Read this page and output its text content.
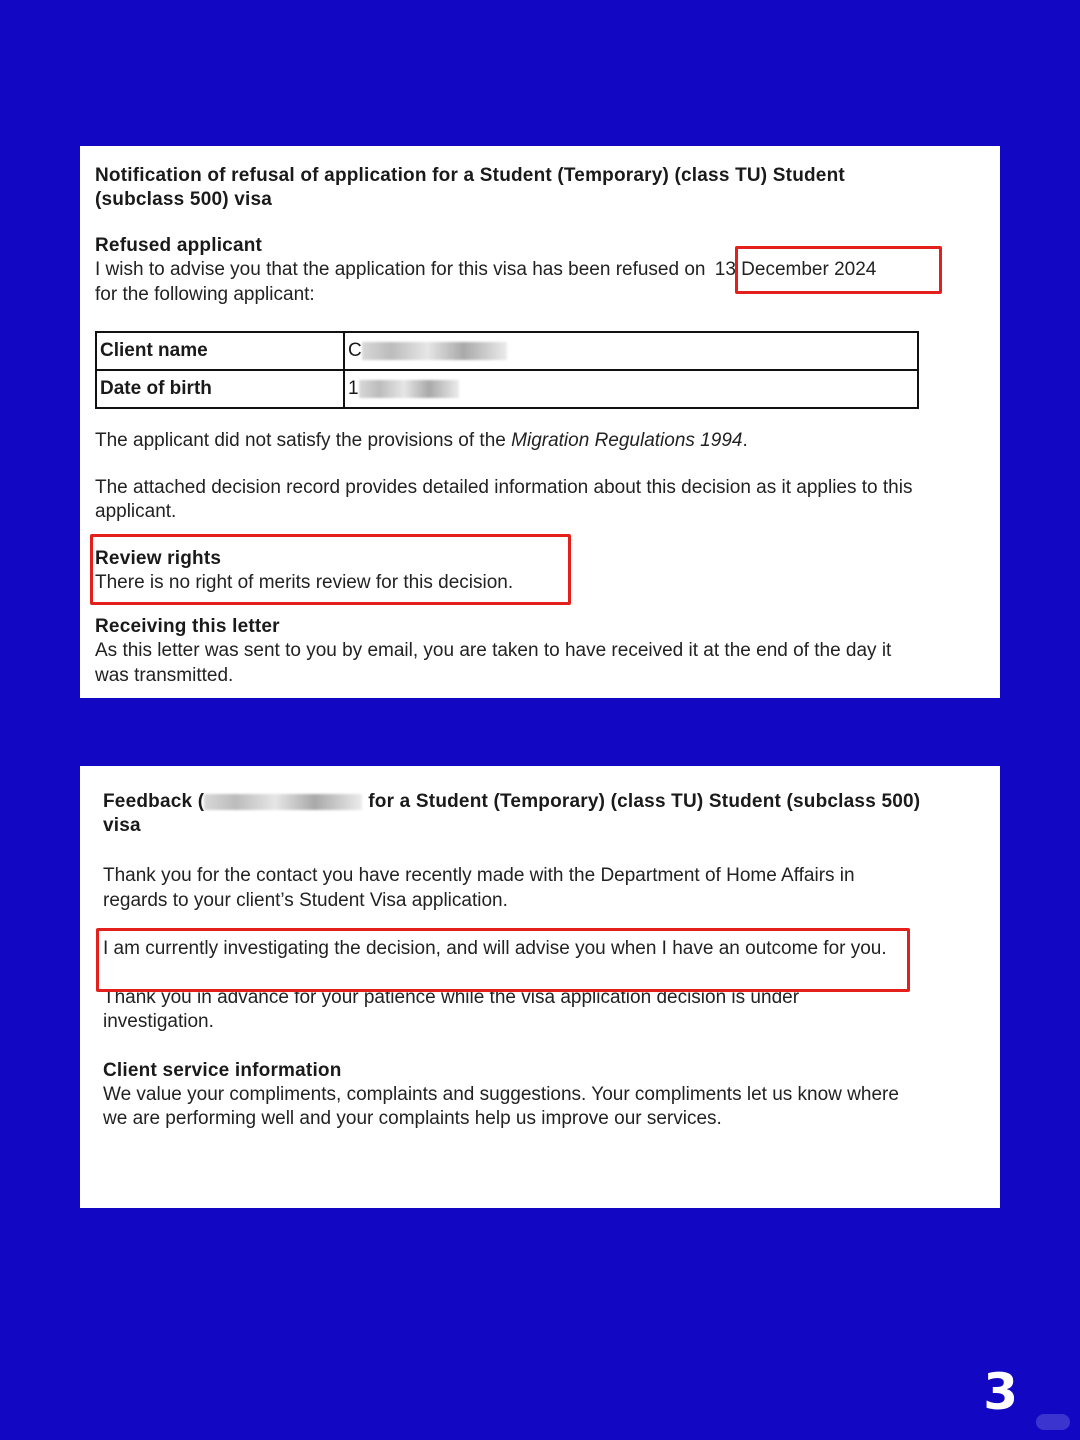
Notification of refusal of application for a Student (Temporary) (class TU) Student (subclass 500) visa

Refused applicant

I wish to advise you that the application for this visa has been refused on 13 December 2024
for the following applicant:

Client name	C
Date of birth	1

The applicant did not satisfy the provisions of the Migration Regulations 1994.

The attached decision record provides detailed information about this decision as it applies to this applicant.

Review rights

There is no right of merits review for this decision.

Receiving this letter

As this letter was sent to you by email, you are taken to have received it at the end of the day it was transmitted.

Feedback (	for a Student (Temporary) (class TU) Student (subclass 500) visa

Thank you for the contact you have recently made with the Department of Home Affairs in regards to your client’s Student Visa application.

I am currently investigating the decision, and will advise you when I have an outcome for you.

Thank you in advance for your patience while the visa application decision is under investigation.

Client service information

We value your compliments, complaints and suggestions. Your compliments let us know where we are performing well and your complaints help us improve our services.

3
